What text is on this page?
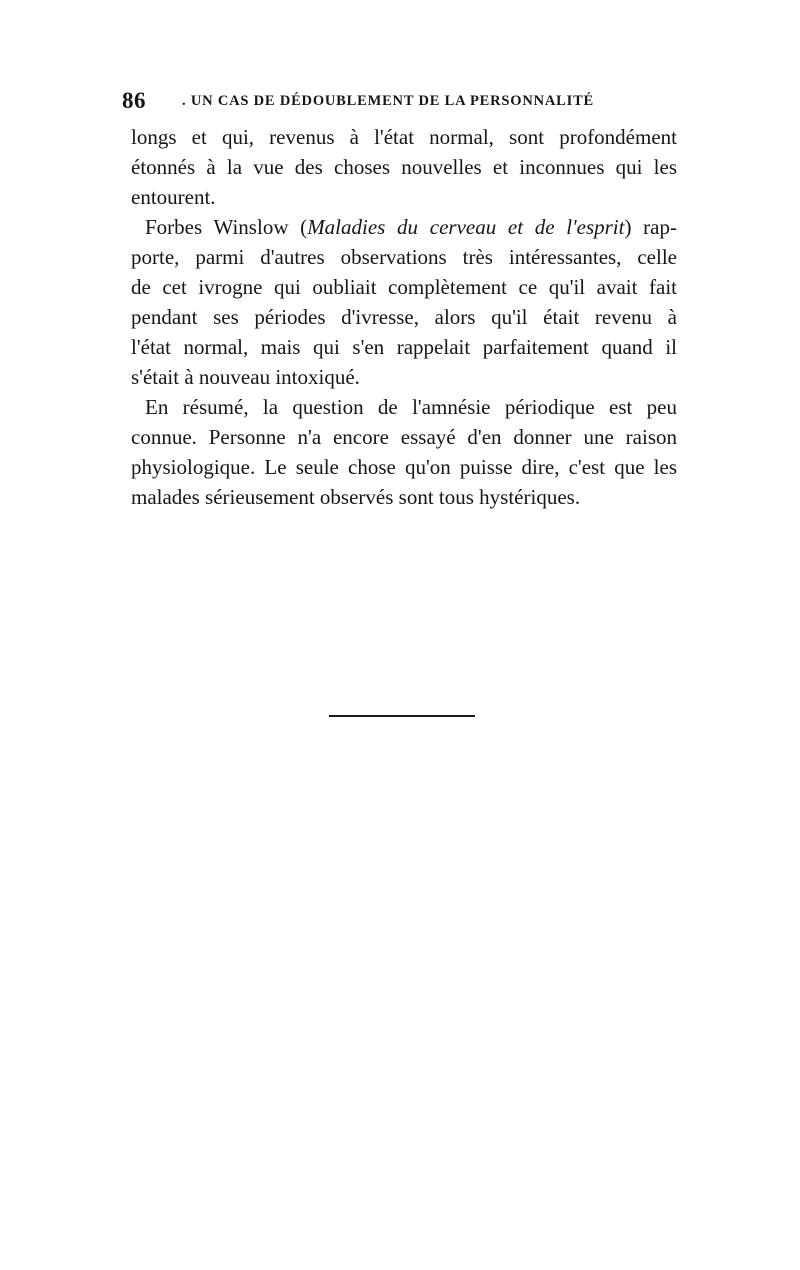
86 . UN CAS DE DÉDOUBLEMENT DE LA PERSONNALITÉ
longs et qui, revenus à l'état normal, sont profondément
étonnés à la vue des choses nouvelles et inconnues qui les
entourent.
Forbes Winslow (Maladies du cerveau et de l'esprit) rap-
porte, parmi d'autres observations très intéressantes, celle
de cet ivrogne qui oubliait complètement ce qu'il avait fait
pendant ses périodes d'ivresse, alors qu'il était revenu à
l'état normal, mais qui s'en rappelait parfaitement quand il
s'était à nouveau intoxiqué.
En résumé, la question de l'amnésie périodique est peu
connue. Personne n'a encore essayé d'en donner une raison
physiologique. Le seule chose qu'on puisse dire, c'est que les
malades sérieusement observés sont tous hystériques.
